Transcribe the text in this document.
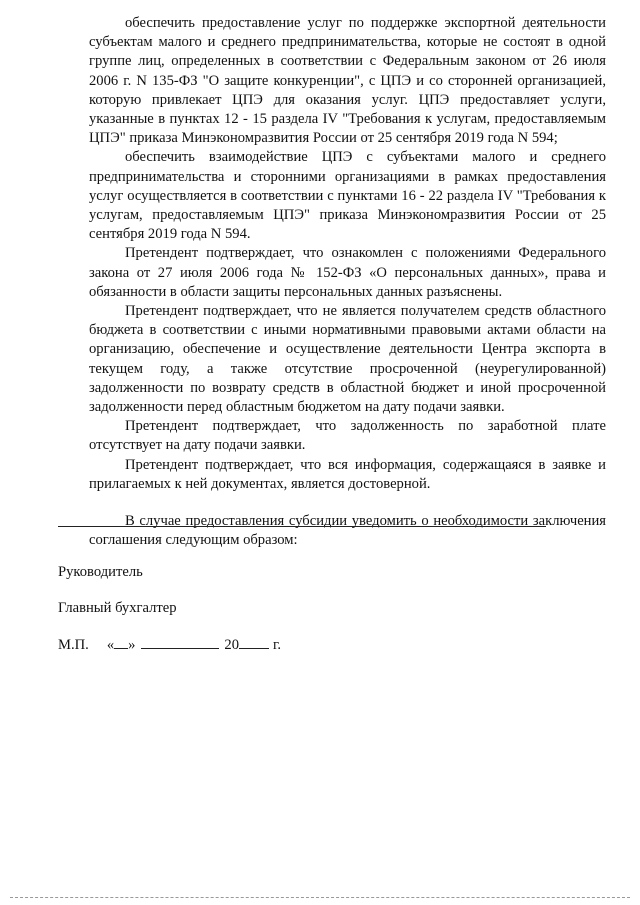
обеспечить предоставление услуг по поддержке экспортной деятельности субъектам малого и среднего предпринимательства, которые не состоят в одной группе лиц, определенных в соответствии с Федеральным законом от 26 июля 2006 г. N 135-ФЗ "О защите конкуренции", с ЦПЭ и со сторонней организацией, которую привлекает ЦПЭ для оказания услуг. ЦПЭ предоставляет услуги, указанные в пунктах 12 - 15 раздела IV "Требования к услугам, предоставляемым ЦПЭ" приказа Минэкономразвития России от 25 сентября 2019 года N 594;

обеспечить взаимодействие ЦПЭ с субъектами малого и среднего предпринимательства и сторонними организациями в рамках предоставления услуг осуществляется в соответствии с пунктами 16 - 22 раздела IV "Требования к услугам, предоставляемым ЦПЭ" приказа Минэкономразвития России от 25 сентября 2019 года N 594.

Претендент подтверждает, что ознакомлен с положениями Федерального закона от 27 июля 2006 года № 152-ФЗ «О персональных данных», права и обязанности в области защиты персональных данных разъяснены.

Претендент подтверждает, что не является получателем средств областного бюджета в соответствии с иными нормативными правовыми актами области на организацию, обеспечение и осуществление деятельности Центра экспорта в текущем году, а также отсутствие просроченной (неурегулированной) задолженности по возврату средств в областной бюджет и иной просроченной задолженности перед областным бюджетом на дату подачи заявки.

Претендент подтверждает, что задолженность по заработной плате отсутствует на дату подачи заявки.

Претендент подтверждает, что вся информация, содержащаяся в заявке и прилагаемых к ней документах, является достоверной.

В случае предоставления субсидии уведомить о необходимости заключения соглашения следующим образом:

Руководитель

Главный бухгалтер

М.П. « »	20 г.
